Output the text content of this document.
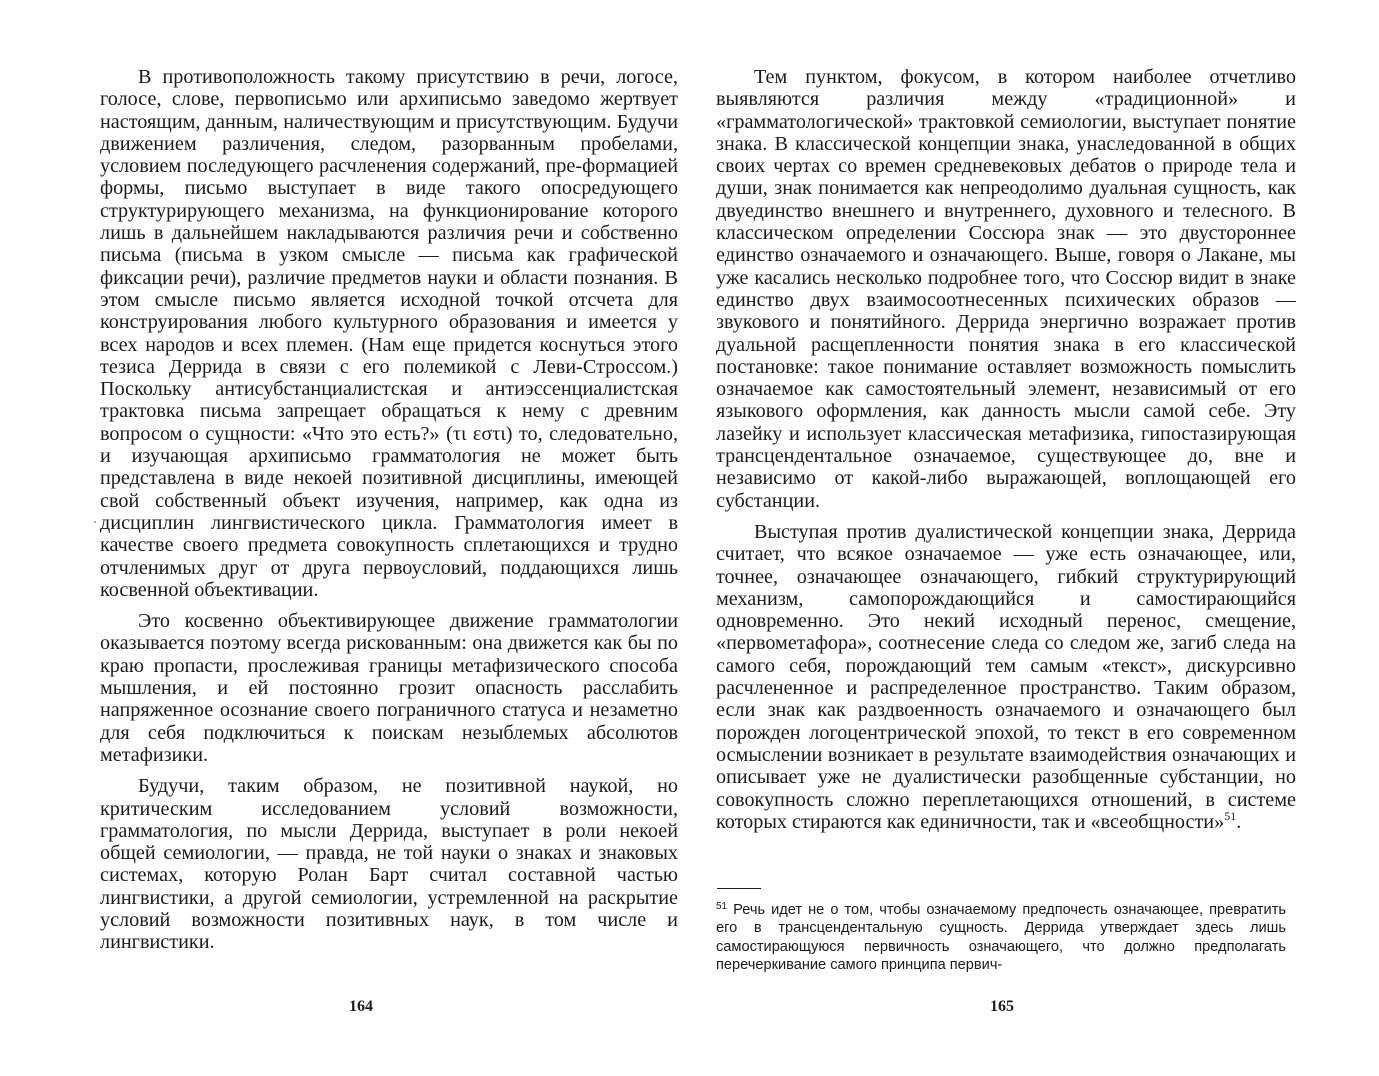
В противоположность такому присутствию в речи, логосе, голосе, слове, первописьмо или архиписьмо заведомо жертвует настоящим, данным, наличествующим и присутствующим. Будучи движением различения, следом, разорванным пробелами, условием последующего расчленения содержаний, пре-формацией формы, письмо выступает в виде такого опосредующего структурирующего механизма, на функционирование которого лишь в дальнейшем накладываются различия речи и собственно письма (письма в узком смысле — письма как графической фиксации речи), различие предметов науки и области познания. В этом смысле письмо является исходной точкой отсчета для конструирования любого культурного образования и имеется у всех народов и всех племен. (Нам еще придется коснуться этого тезиса Деррида в связи с его полемикой с Леви-Строссом.) Поскольку антисубстанциалистская и антиэссенциалистская трактовка письма запрещает обращаться к нему с древним вопросом о сущности: «Что это есть?» (τι εστι) то, следовательно, и изучающая архиписьмо грамматология не может быть представлена в виде некоей позитивной дисциплины, имеющей свой собственный объект изучения, например, как одна из дисциплин лингвистического цикла. Грамматология имеет в качестве своего предмета совокупность сплетающихся и трудно отчленимых друг от друга первоусловий, поддающихся лишь косвенной объективации.

Это косвенно объективирующее движение грамматологии оказывается поэтому всегда рискованным: она движется как бы по краю пропасти, прослеживая границы метафизического способа мышления, и ей постоянно грозит опасность расслабить напряженное осознание своего пограничного статуса и незаметно для себя подключиться к поискам незыблемых абсолютов метафизики.

Будучи, таким образом, не позитивной наукой, но критическим исследованием условий возможности, грамматология, по мысли Деррида, выступает в роли некоей общей семиологии, — правда, не той науки о знаках и знаковых системах, которую Ролан Барт считал составной частью лингвистики, а другой семиологии, устремленной на раскрытие условий возможности позитивных наук, в том числе и лингвистики.

164

Тем пунктом, фокусом, в котором наиболее отчетливо выявляются различия между «традиционной» и «грамматологической» трактовкой семиологии, выступает понятие знака. В классической концепции знака, унаследованной в общих своих чертах со времен средневековых дебатов о природе тела и души, знак понимается как непреодолимо дуальная сущность, как двуединство внешнего и внутреннего, духовного и телесного. В классическом определении Соссюра знак — это двустороннее единство означаемого и означающего. Выше, говоря о Лакане, мы уже касались несколько подробнее того, что Соссюр видит в знаке единство двух взаимосоотнесенных психических образов — звукового и понятийного. Деррида энергично возражает против дуальной расщепленности понятия знака в его классической постановке: такое понимание оставляет возможность помыслить означаемое как самостоятельный элемент, независимый от его языкового оформления, как данность мысли самой себе. Эту лазейку и использует классическая метафизика, гипостазирующая трансцендентальное означаемое, существующее до, вне и независимо от какой-либо выражающей, воплощающей его субстанции.

Выступая против дуалистической концепции знака, Деррида считает, что всякое означаемое — уже есть означающее, или, точнее, означающее означающего, гибкий структурирующий механизм, самопорождающийся и самостирающийся одновременно. Это некий исходный перенос, смещение, «первометафора», соотнесение следа со следом же, загиб следа на самого себя, порождающий тем самым «текст», дискурсивно расчлененное и распределенное пространство. Таким образом, если знак как раздвоенность означаемого и означающего был порожден логоцентрической эпохой, то текст в его современном осмыслении возникает в результате взаимодействия означающих и описывает уже не дуалистически разобщенные субстанции, но совокупность сложно переплетающихся отношений, в системе которых стираются как единичности, так и «всеобщности»$^{51}$.

$^{51}$ Речь идет не о том, чтобы означаемому предпочесть означающее, превратить его в трансцендентальную сущность. Деррида утверждает здесь лишь самостирающуюся первичность означающего, что должно предполагать перечеркивание самого принципа первич-
165
